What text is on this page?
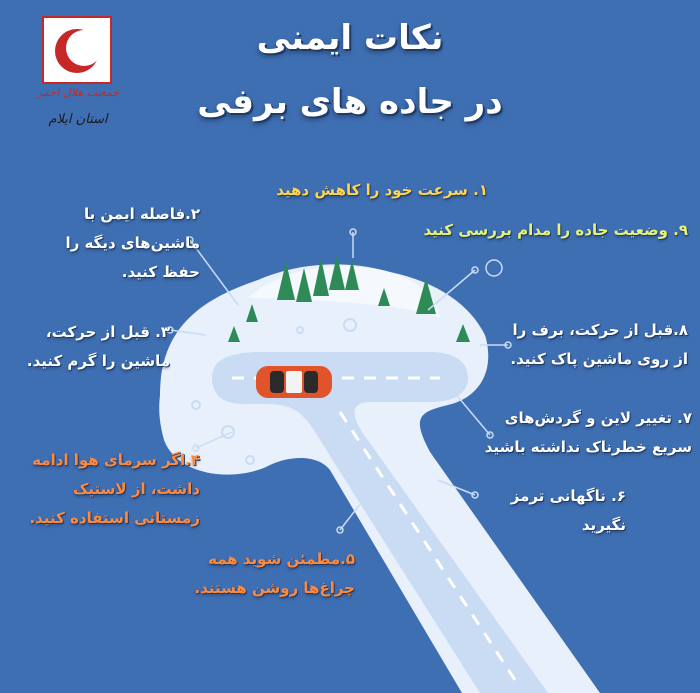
جمعیت هلال احمر
استان ایلام
نکات ایمنی
در جاده های برفی
۱. سرعت خود را کاهش دهید
۲.فاصله ایمن با
ماشین‌های دیگه را
حفظ کنید.
۳. قبل از حرکت،
ماشین را گرم کنید.
۴.اگر سرمای هوا ادامه
داشت، از لاستیک
زمستانی استفاده کنید.
۵.مطمئن شوید همه
چراغ‌ها روشن هستند.
۶. ناگهانی ترمز نگیرید
۷. تغییر لاین و گردش‌های
سریع خطرناک نداشته باشید
۸.قبل از حرکت، برف را
از روی ماشین پاک کنید.
۹. وضعیت جاده را مدام بررسی کنید
